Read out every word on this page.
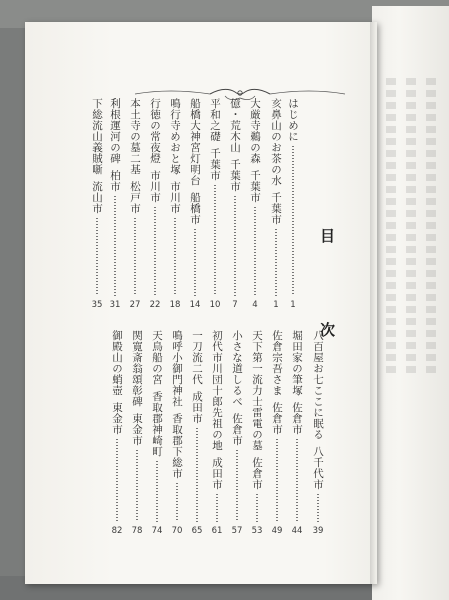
はじめに
1
亥鼻山のお茶の水
千葉市
1
大厳寺鵜の森
千葉市
4
億・荒木山
千葉市
7
平和之礎
千葉市
10
船橋大神宮灯明台
船橋市
14
鳴行寺めおと塚
市川市
18
行徳の常夜燈
市川市
22
本土寺の墓二基
松戸市
27
利根運河の碑
柏市
31
下総流山義賊噺
流山市
35
目
次
八百屋お七ここに眠る
八千代市
39
堀田家の筆塚
佐倉市
44
佐倉宗吾さま
佐倉市
49
天下第一流力士雷電の墓
佐倉市
53
小さな道しるべ
佐倉市
57
初代市川団十郎先祖の地
成田市
61
一刀流二代
成田市
65
鳴呼小御門神社
香取郡下総市
70
天鳥船の宮
香取郡神崎町
74
関寛斎翁頌彰碑
東金市
78
御殿山の蛸壺
東金市
82
